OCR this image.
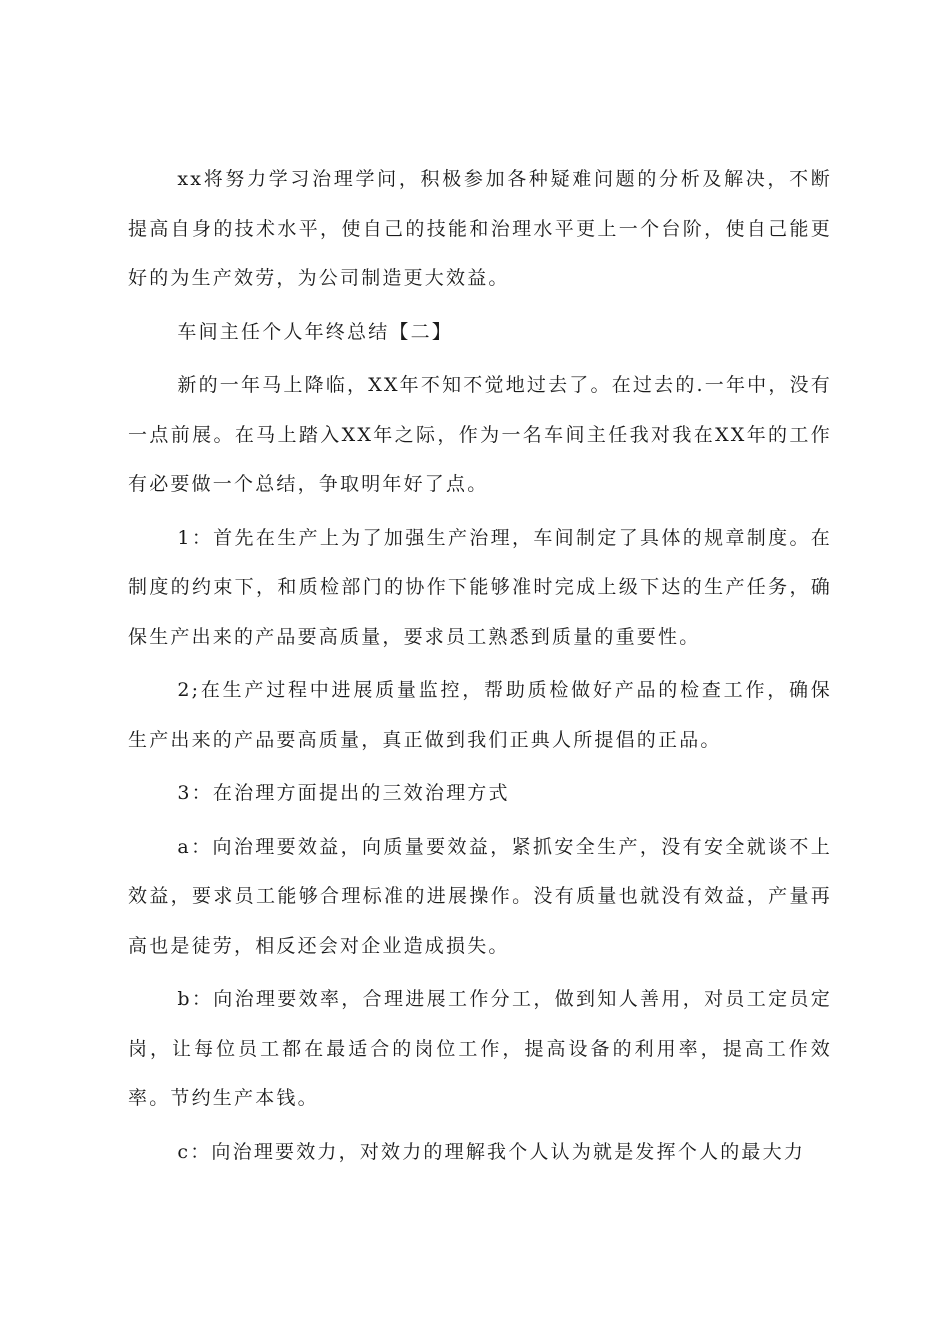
xx将努力学习治理学问，积极参加各种疑难问题的分析及解决，不断提高自身的技术水平，使自己的技能和治理水平更上一个台阶，使自己能更好的为生产效劳，为公司制造更大效益。

车间主任个人年终总结【二】

新的一年马上降临，XX年不知不觉地过去了。在过去的.一年中，没有一点前展。在马上踏入XX年之际，作为一名车间主任我对我在XX年的工作有必要做一个总结，争取明年好了点。

1：首先在生产上为了加强生产治理，车间制定了具体的规章制度。在制度的约束下，和质检部门的协作下能够准时完成上级下达的生产任务，确保生产出来的产品要高质量，要求员工熟悉到质量的重要性。

2;在生产过程中进展质量监控，帮助质检做好产品的检查工作，确保生产出来的产品要高质量，真正做到我们正典人所提倡的正品。

3：在治理方面提出的三效治理方式

a：向治理要效益，向质量要效益，紧抓安全生产，没有安全就谈不上效益，要求员工能够合理标准的进展操作。没有质量也就没有效益，产量再高也是徒劳，相反还会对企业造成损失。

b：向治理要效率，合理进展工作分工，做到知人善用，对员工定员定岗，让每位员工都在最适合的岗位工作，提高设备的利用率，提高工作效率。节约生产本钱。

c：向治理要效力，对效力的理解我个人认为就是发挥个人的最大力
